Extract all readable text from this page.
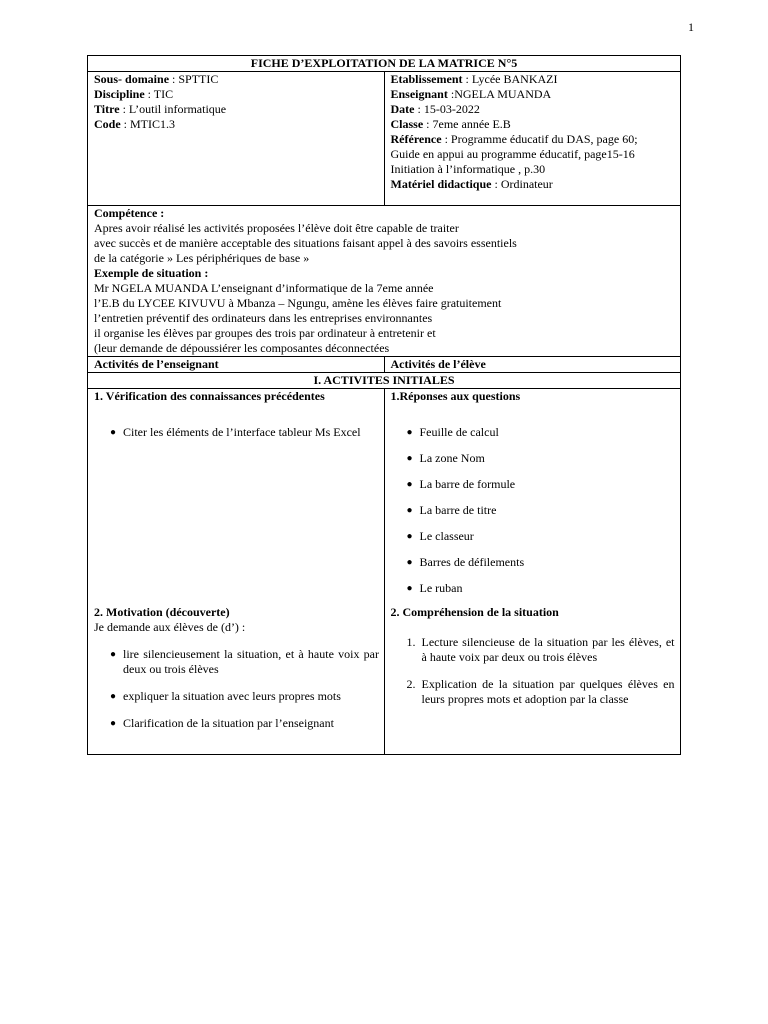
1
FICHE D’EXPLOITATION DE LA MATRICE N°5
Sous- domaine : SPTTIC
Discipline : TIC
Titre : L’outil informatique
Code : MTIC1.3
Etablissement : Lycée BANKAZI
Enseignant :NGELA MUANDA
Date : 15-03-2022
Classe : 7eme année E.B
Référence : Programme éducatif du DAS, page 60;
Guide en appui au programme éducatif, page15-16
Initiation à l’informatique , p.30
Matériel didactique : Ordinateur
Compétence :
Apres avoir réalisé les activités proposées l’élève doit être capable de traiter
avec succès et de manière acceptable des situations faisant appel à des savoirs essentiels
de la catégorie » Les périphériques de base »
Exemple de situation :
Mr NGELA MUANDA L’enseignant d’informatique de la 7eme année
l’E.B du LYCEE KIVUVU à Mbanza – Ngungu, amène les élèves faire gratuitement
l’entretien préventif des ordinateurs dans les entreprises environnantes
il organise les élèves par groupes des trois par ordinateur à entretenir et
(leur demande de dépoussiérer les composantes déconnectées
Activités de l’enseignant	Activités de l’élève
I. ACTIVITES INITIALES
1. Vérification des connaissances précédentes
● Citer les éléments de l’interface tableur Ms Excel
2. Motivation (découverte)
Je demande aux élèves de (d’) :
● lire silencieusement la situation, et à haute voix par deux ou trois élèves
● expliquer la situation avec leurs propres mots
● Clarification de la situation par l’enseignant
1.Réponses aux questions
● Feuille de calcul
● La zone Nom
● La barre de formule
● La barre de titre
● Le classeur
● Barres de défilements
● Le ruban
2. Compréhension de la situation
1. Lecture silencieuse de la situation par les élèves, et à haute voix par deux ou trois élèves
2. Explication de la situation par quelques élèves en leurs propres mots et adoption par la classe
